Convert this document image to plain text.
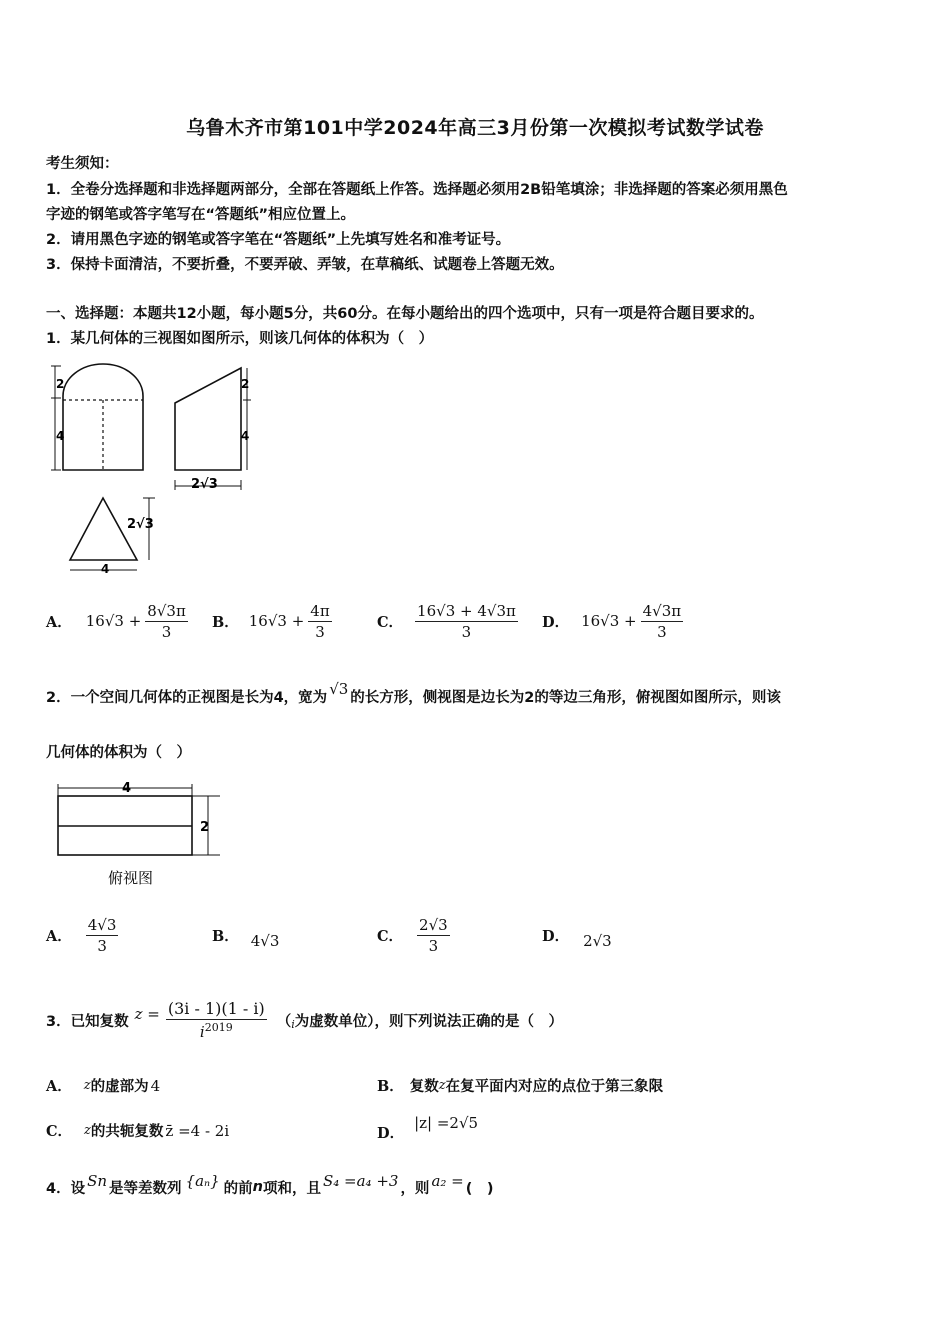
乌鲁木齐市第101中学2024年高三3月份第一次模拟考试数学试卷
考生须知：
1．全卷分选择题和非选择题两部分，全部在答题纸上作答。选择题必须用2B铅笔填涂；非选择题的答案必须用黑色
字迹的钢笔或答字笔写在“答题纸”相应位置上。
2．请用黑色字迹的钢笔或答字笔在“答题纸”上先填写姓名和准考证号。
3．保持卡面清洁，不要折叠，不要弄破、弄皱，在草稿纸、试题卷上答题无效。
一、选择题：本题共12小题，每小题5分，共60分。在每小题给出的四个选项中，只有一项是符合题目要求的。
1．某几何体的三视图如图所示，则该几何体的体积为（　）
2
4
2
4
2√3
2√3
4
A． $16√3 + \frac{8√3\pi}{3}$ B． $16√3 + \frac{4\pi}{3}$	C． $\frac{16√3 + 4√3\pi}{3}$ D． $16√3 + \frac{4√3\pi}{3}$
2．一个空间几何体的正视图是长为4，宽为
√3
的长方形，侧视图是边长为2的等边三角形，俯视图如图所示，则该
几何体的体积为（　）
4
2
俯视图
A． $\frac{4√3}{3}$	B． 4√3	C． $\frac{2√3}{3}$	D． 2√3
3．已知复数 $z = \frac{(3i - 1)(1 - i)}{i^{2019}}$ （ i 为虚数单位），则下列说法正确的是（　）
A． z 的虚部为 4	B． 复数 z 在复平面内对应的点位于第三象限
C． z 的共轭复数 z̄ =4 - 2i	D．
|z| =2√5
4．设 Sn 是等差数列 {aₙ} 的前 n 项和，且 S₄ =a₄ +3 ，则 a₂ = (　)
